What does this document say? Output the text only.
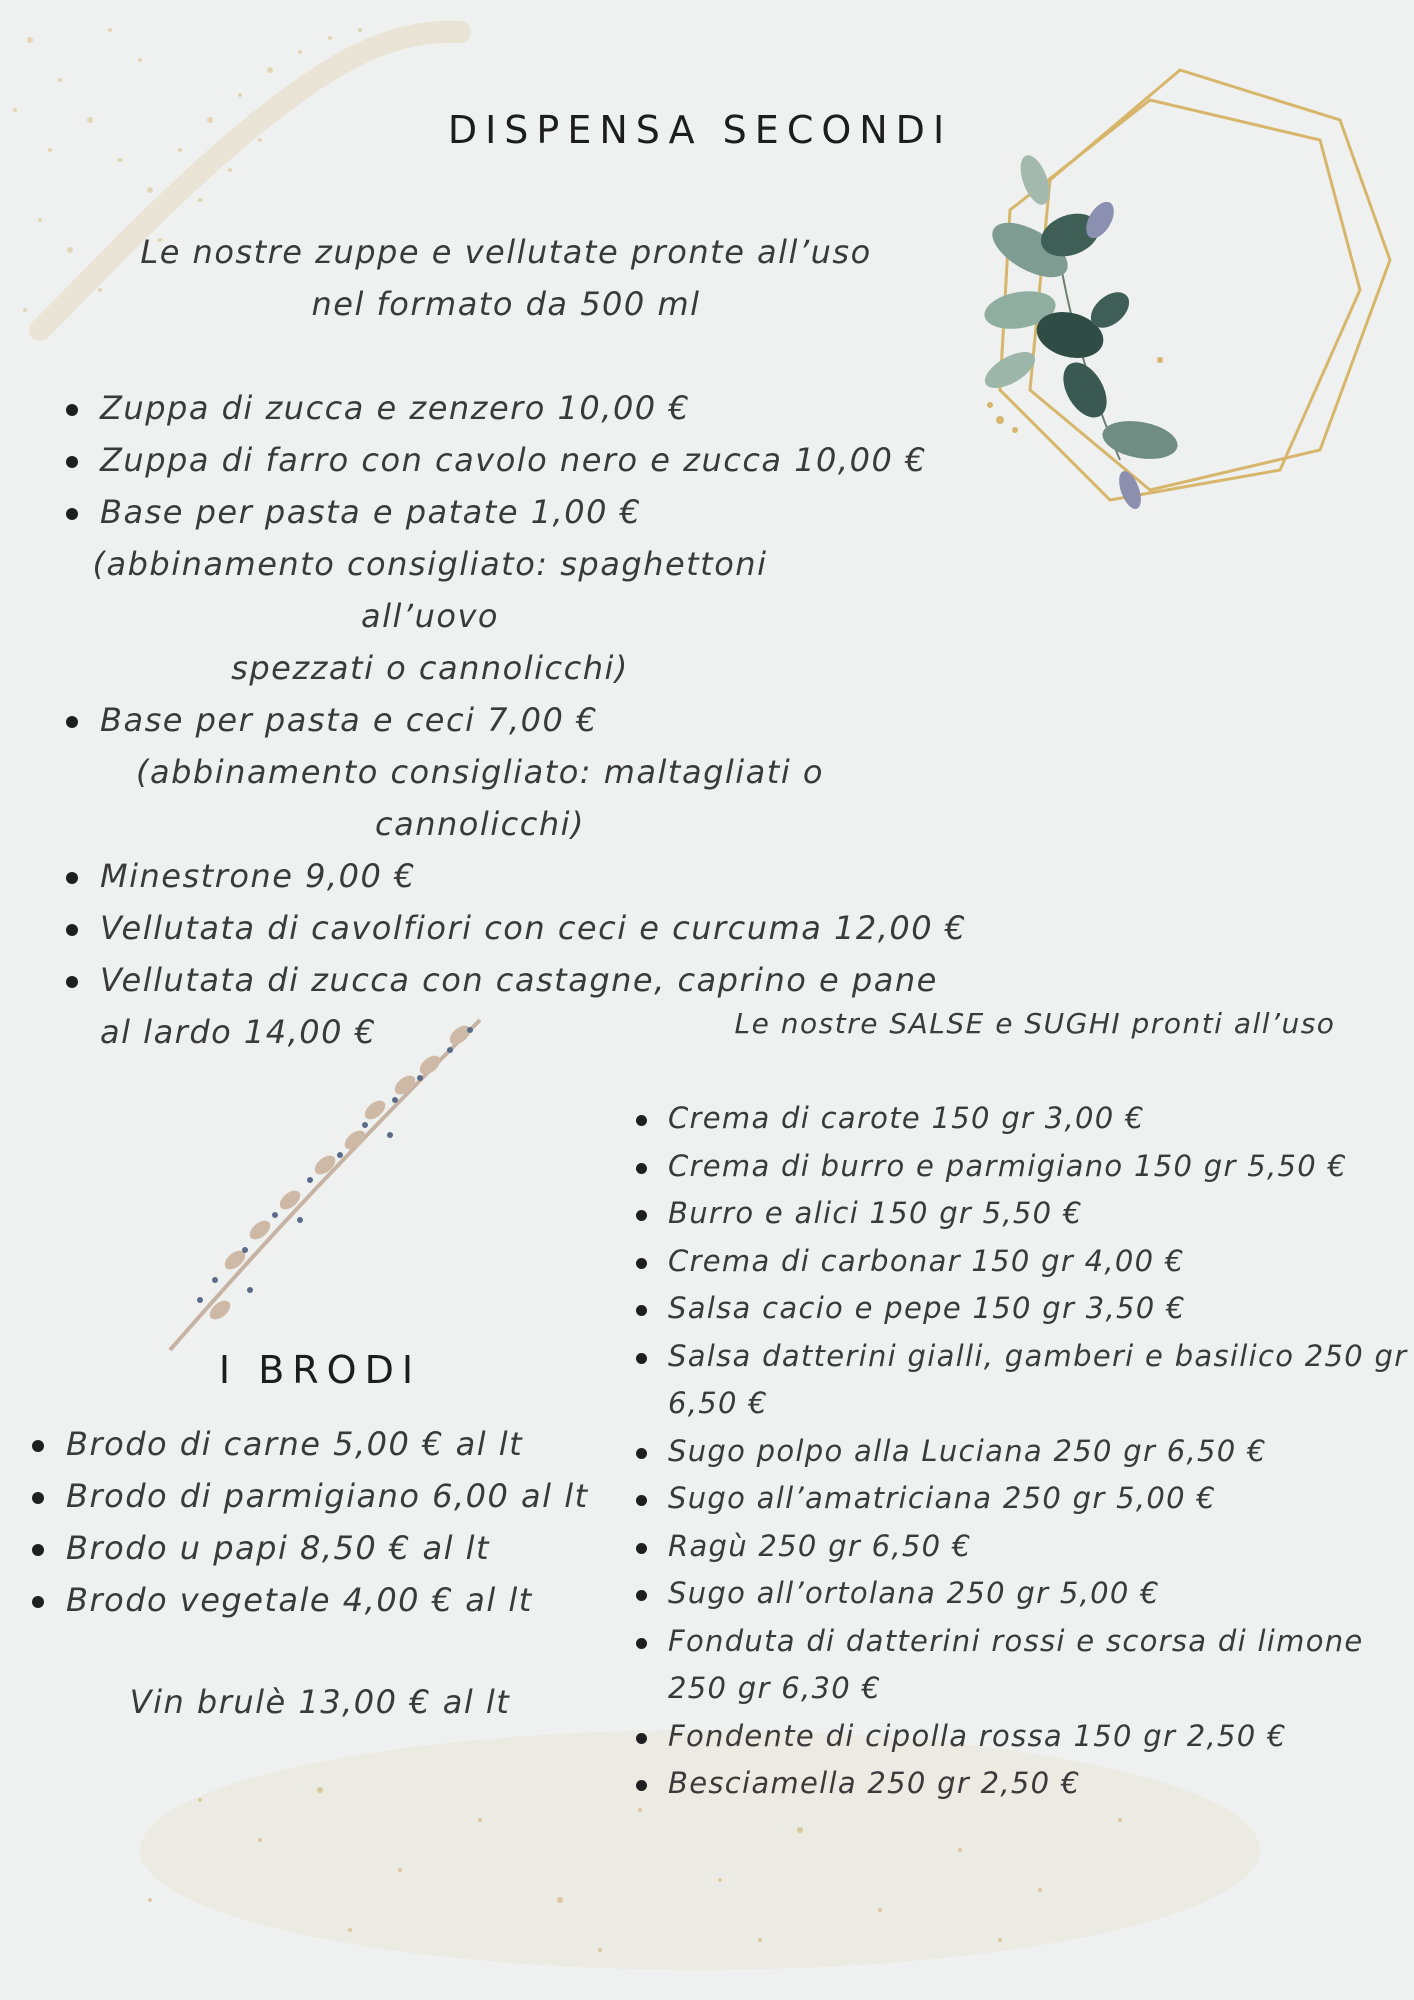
DISPENSA SECONDI
Le nostre zuppe e vellutate pronte all’uso
nel formato da 500 ml
Zuppa di zucca e zenzero 10,00 €
Zuppa di farro con cavolo nero e zucca 10,00 €
Base per pasta e patate 1,00 €
(abbinamento consigliato: spaghettoni all’uovo
spezzati o cannolicchi)
Base per pasta e ceci 7,00 €
(abbinamento consigliato: maltagliati o
cannolicchi)
Minestrone 9,00 €
Vellutata di cavolfiori con ceci e curcuma 12,00 €
Vellutata di zucca con castagne, caprino e pane
al lardo 14,00 €	Le nostre SALSE e SUGHI pronti all’uso
Crema di carote 150 gr 3,00 €
Crema di burro e parmigiano 150 gr 5,50 €
Burro e alici 150 gr 5,50 €
Crema di carbonar 150 gr 4,00 €
Salsa cacio e pepe 150 gr 3,50 €
Salsa datterini gialli, gamberi e basilico 250 gr
6,50 €
Sugo polpo alla Luciana 250 gr 6,50 €
Sugo all’amatriciana 250 gr 5,00 €
Ragù 250 gr 6,50 €
Sugo all’ortolana 250 gr 5,00 €
Fonduta di datterini rossi e scorsa di limone
250 gr 6,30 €
Fondente di cipolla rossa 150 gr 2,50 €
Besciamella 250 gr 2,50 €
I BRODI
Brodo di carne 5,00 € al lt
Brodo di parmigiano 6,00 al lt
Brodo u papi 8,50 € al lt
Brodo vegetale 4,00 € al lt
Vin brulè 13,00 € al lt
